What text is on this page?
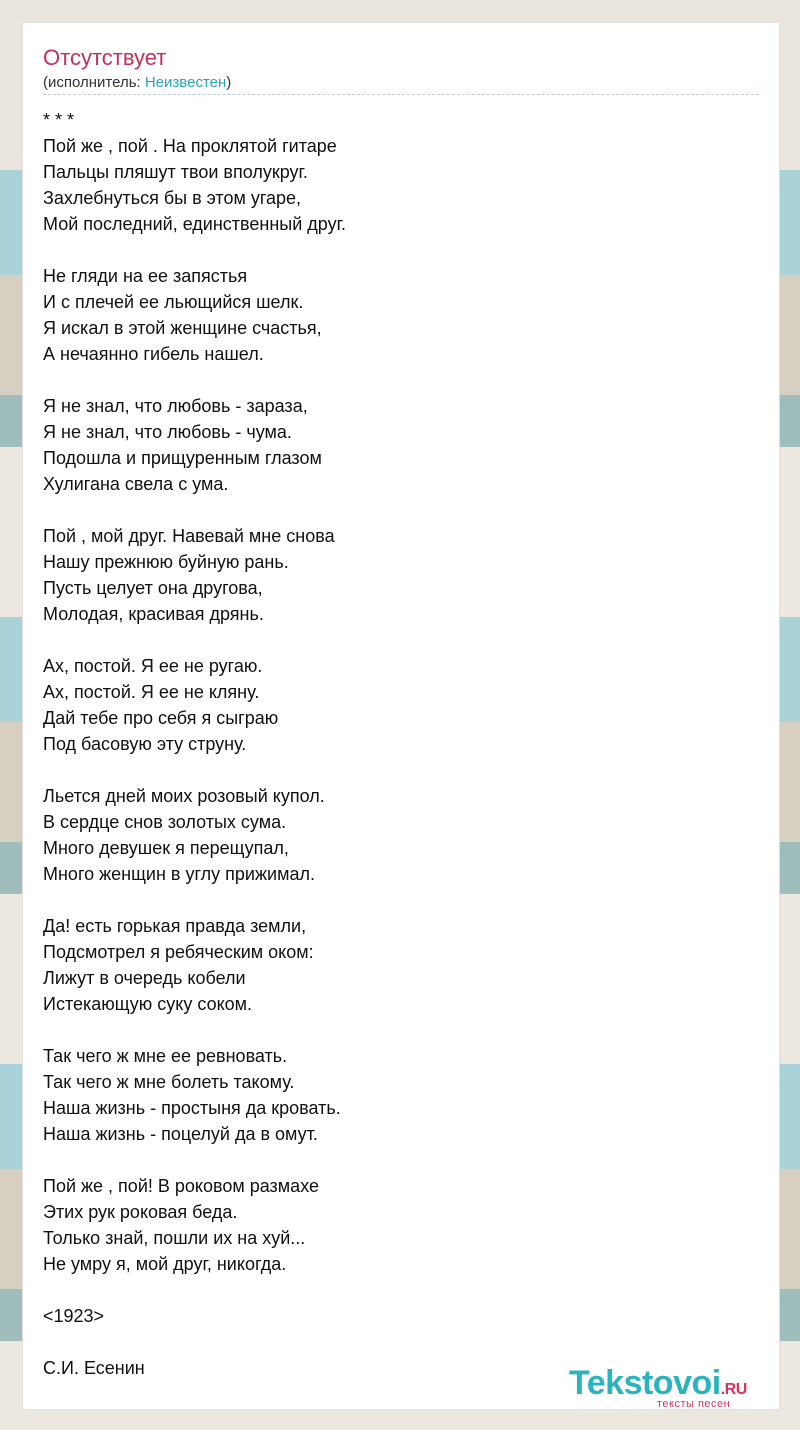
Отсутствует
(исполнитель: Неизвестен)
* * *
Пой же , пой . На проклятой гитаре
Пальцы пляшут твои вполукруг.
Захлебнуться бы в этом угаре,
Мой последний, единственный друг.
Не гляди на ее запястья
И с плечей ее льющийся шелк.
Я искал в этой женщине счастья,
А нечаянно гибель нашел.
Я не знал, что любовь - зараза,
Я не знал, что любовь - чума.
Подошла и прищуренным глазом
Хулигана свела с ума.
Пой , мой друг. Навевай мне снова
Нашу прежнюю буйную рань.
Пусть целует она другова,
Молодая, красивая дрянь.
Ах, постой. Я ее не ругаю.
Ах, постой. Я ее не кляну.
Дай тебе про себя я сыграю
Под басовую эту струну.
Льется дней моих розовый купол.
В сердце снов золотых сума.
Много девушек я перещупал,
Много женщин в углу прижимал.
Да! есть горькая правда земли,
Подсмотрел я ребяческим оком:
Лижут в очередь кобели
Истекающую суку соком.
Так чего ж мне ее ревновать.
Так чего ж мне болеть такому.
Наша жизнь - простыня да кровать.
Наша жизнь - поцелуй да в омут.
Пой же , пой! В роковом размахе
Этих рук роковая беда.
Только знай, пошли их на хуй...
Не умру я, мой друг, никогда.
<1923>
С.И. Есенин	Tekstovoi.RU
тексты песен
